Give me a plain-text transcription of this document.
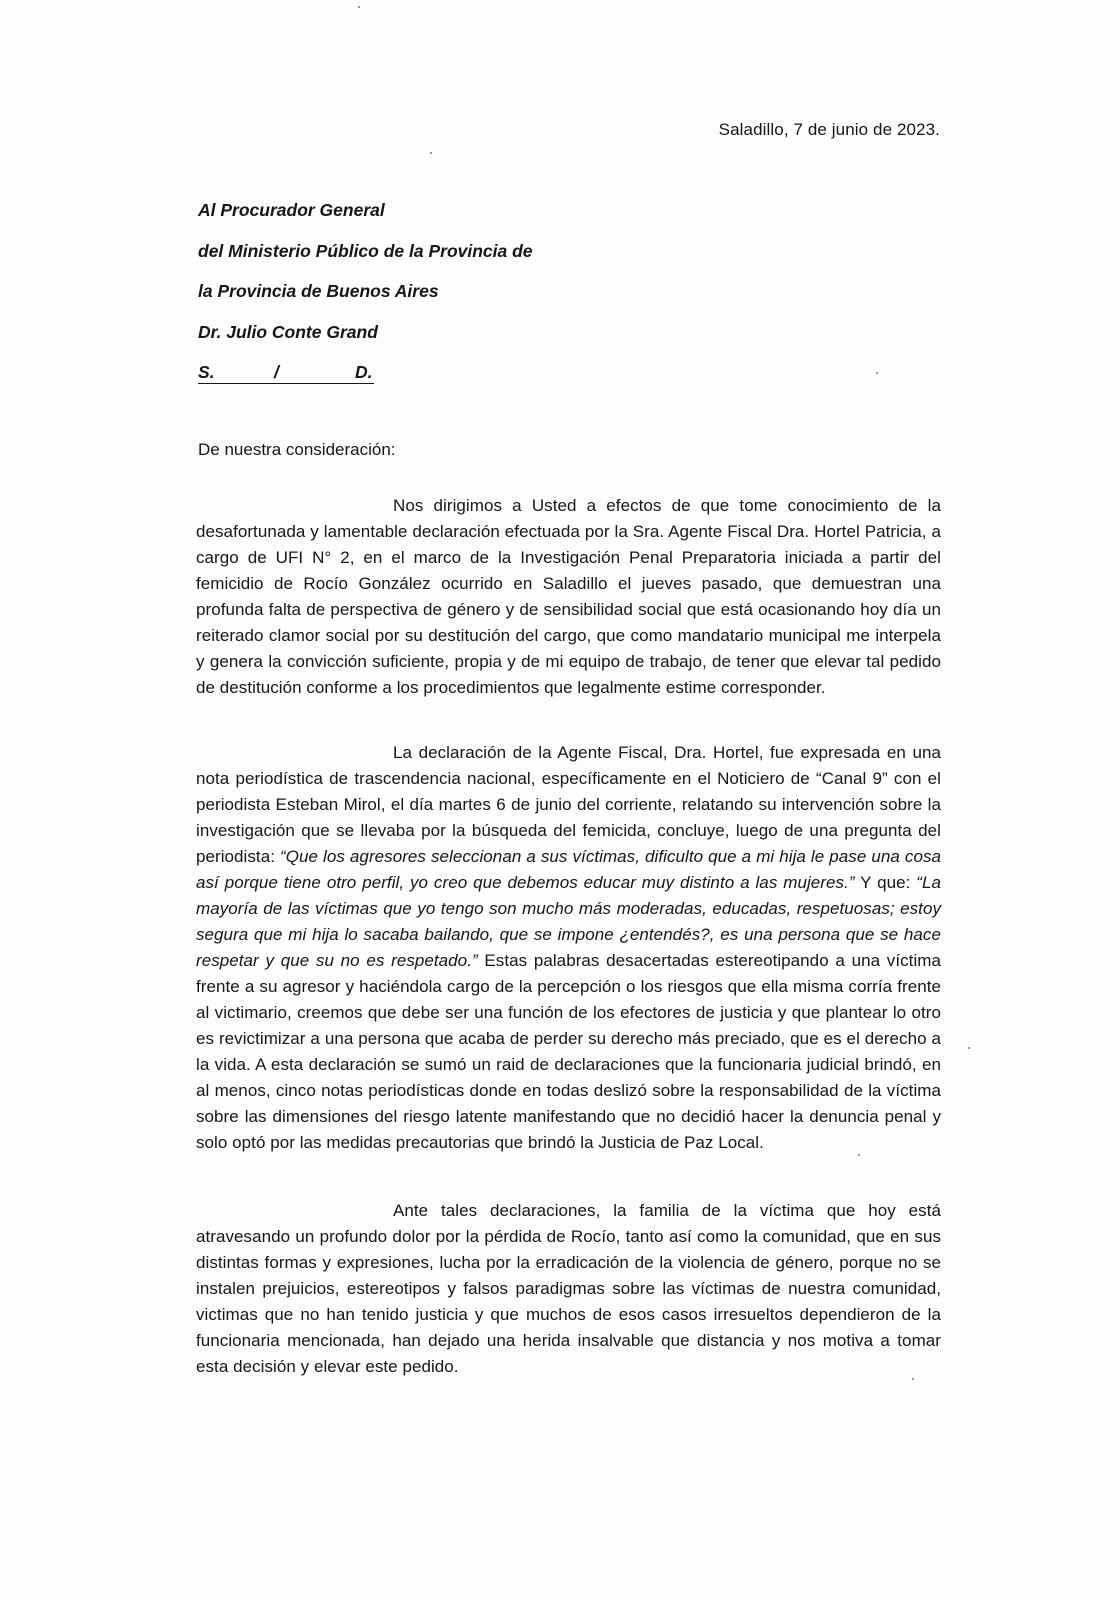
Saladillo, 7 de junio de 2023.
Al Procurador General
del Ministerio Público de la Provincia de
la Provincia de Buenos Aires
Dr. Julio Conte Grand
S.	/	D.
De nuestra consideración:

Nos dirigimos a Usted a efectos de que tome conocimiento de la desafortunada y lamentable declaración efectuada por la Sra. Agente Fiscal Dra. Hortel Patricia, a cargo de UFI N° 2, en el marco de la Investigación Penal Preparatoria iniciada a partir del femicidio de Rocío González ocurrido en Saladillo el jueves pasado, que demuestran una profunda falta de perspectiva de género y de sensibilidad social que está ocasionando hoy día un reiterado clamor social por su destitución del cargo, que como mandatario municipal me interpela y genera la convicción suficiente, propia y de mi equipo de trabajo, de tener que elevar tal pedido de destitución conforme a los procedimientos que legalmente estime corresponder.

La declaración de la Agente Fiscal, Dra. Hortel, fue expresada en una nota periodística de trascendencia nacional, específicamente en el Noticiero de “Canal 9” con el periodista Esteban Mirol, el día martes 6 de junio del corriente, relatando su intervención sobre la investigación que se llevaba por la búsqueda del femicida, concluye, luego de una pregunta del periodista: “Que los agresores seleccionan a sus víctimas, dificulto que a mi hija le pase una cosa así porque tiene otro perfil, yo creo que debemos educar muy distinto a las mujeres.” Y que: “La mayoría de las víctimas que yo tengo son mucho más moderadas, educadas, respetuosas; estoy segura que mi hija lo sacaba bailando, que se impone ¿entendés?, es una persona que se hace respetar y que su no es respetado.” Estas palabras desacertadas estereotipando a una víctima frente a su agresor y haciéndola cargo de la percepción o los riesgos que ella misma corría frente al victimario, creemos que debe ser una función de los efectores de justicia y que plantear lo otro es revictimizar a una persona que acaba de perder su derecho más preciado, que es el derecho a la vida. A esta declaración se sumó un raid de declaraciones que la funcionaria judicial brindó, en al menos, cinco notas periodísticas donde en todas deslizó sobre la responsabilidad de la víctima sobre las dimensiones del riesgo latente manifestando que no decidió hacer la denuncia penal y solo optó por las medidas precautorias que brindó la Justicia de Paz Local.

Ante tales declaraciones, la familia de la víctima que hoy está atravesando un profundo dolor por la pérdida de Rocío, tanto así como la comunidad, que en sus distintas formas y expresiones, lucha por la erradicación de la violencia de género, porque no se instalen prejuicios, estereotipos y falsos paradigmas sobre las víctimas de nuestra comunidad, victimas que no han tenido justicia y que muchos de esos casos irresueltos dependieron de la funcionaria mencionada, han dejado una herida insalvable que distancia y nos motiva a tomar esta decisión y elevar este pedido.
